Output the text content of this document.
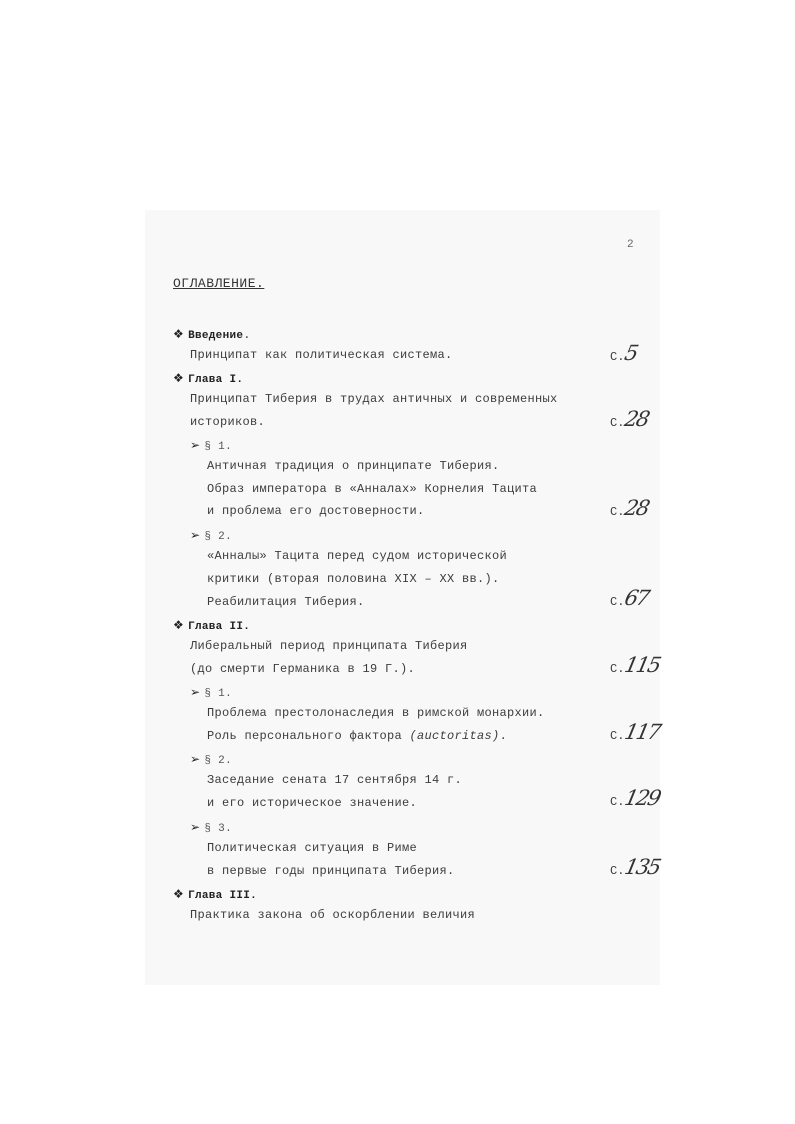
2
ОГЛАВЛЕНИЕ.
❖ Введение.
Принципат как политическая система.	С.5
❖ Глава I.
Принципат Тиберия в трудах античных и современных
историков.	С.28
➢ § 1.
Античная традиция о принципате Тиберия.
Образ императора в «Анналах» Корнелия Тацита
и проблема его достоверности.	С.28
➢ § 2.
«Анналы» Тацита перед судом исторической
критики (вторая половина XIX – XX вв.).
Реабилитация Тиберия.	С.67
❖ Глава II.
Либеральный период принципата Тиберия
(до смерти Германика в 19 Г.).	С.115
➢ § 1.
Проблема престолонаследия в римской монархии.
Роль персонального фактора (auctoritas).	С.117
➢ § 2.
Заседание сената 17 сентября 14 г.
и его историческое значение.	С.129
➢ § 3.
Политическая ситуация в Риме
в первые годы принципата Тиберия.	С.135
❖ Глава III.
Практика закона об оскорблении величия
